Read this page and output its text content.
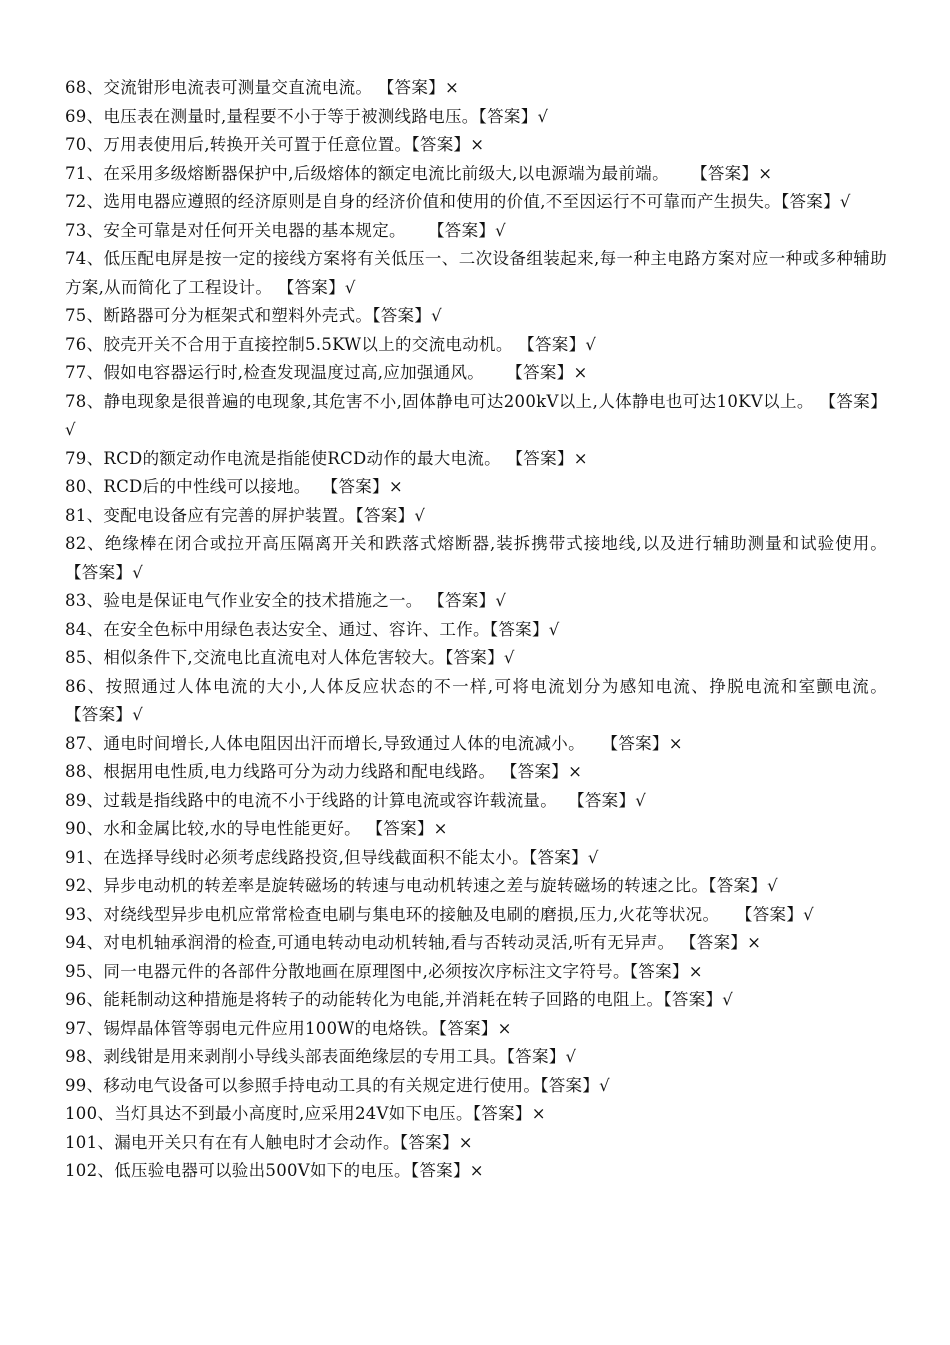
68、交流钳形电流表可测量交直流电流。 【答案】×

69、电压表在测量时,量程要不小于等于被测线路电压。【答案】√

70、万用表使用后,转换开关可置于任意位置。【答案】×

71、在采用多级熔断器保护中,后级熔体的额定电流比前级大,以电源端为最前端。    【答案】×

72、选用电器应遵照的经济原则是自身的经济价值和使用的价值,不至因运行不可靠而产生损失。【答案】√

73、安全可靠是对任何开关电器的基本规定。    【答案】√

74、低压配电屏是按一定的接线方案将有关低压一、二次设备组装起来,每一种主电路方案对应一种或多种辅助方案,从而简化了工程设计。 【答案】√

75、断路器可分为框架式和塑料外壳式。【答案】√

76、胶壳开关不合用于直接控制5.5KW以上的交流电动机。 【答案】√

77、假如电容器运行时,检查发现温度过高,应加强通风。    【答案】×

78、静电现象是很普遍的电现象,其危害不小,固体静电可达200kV以上,人体静电也可达10KV以上。 【答案】√

79、RCD的额定动作电流是指能使RCD动作的最大电流。 【答案】×

80、RCD后的中性线可以接地。  【答案】×

81、变配电设备应有完善的屏护装置。【答案】√

82、绝缘棒在闭合或拉开高压隔离开关和跌落式熔断器,装拆携带式接地线,以及进行辅助测量和试验使用。 【答案】√

83、验电是保证电气作业安全的技术措施之一。 【答案】√

84、在安全色标中用绿色表达安全、通过、容许、工作。【答案】√

85、相似条件下,交流电比直流电对人体危害较大。【答案】√

86、按照通过人体电流的大小,人体反应状态的不一样,可将电流划分为感知电流、挣脱电流和室颤电流。   【答案】√

87、通电时间增长,人体电阻因出汗而增长,导致通过人体的电流减小。   【答案】×

88、根据用电性质,电力线路可分为动力线路和配电线路。 【答案】×

89、过载是指线路中的电流不小于线路的计算电流或容许载流量。  【答案】√

90、水和金属比较,水的导电性能更好。 【答案】×

91、在选择导线时必须考虑线路投资,但导线截面积不能太小。【答案】√

92、异步电动机的转差率是旋转磁场的转速与电动机转速之差与旋转磁场的转速之比。【答案】√

93、对绕线型异步电机应常常检查电刷与集电环的接触及电刷的磨损,压力,火花等状况。   【答案】√

94、对电机轴承润滑的检查,可通电转动电动机转轴,看与否转动灵活,听有无异声。 【答案】×

95、同一电器元件的各部件分散地画在原理图中,必须按次序标注文字符号。【答案】×

96、能耗制动这种措施是将转子的动能转化为电能,并消耗在转子回路的电阻上。【答案】√

97、锡焊晶体管等弱电元件应用100W的电烙铁。【答案】×

98、剥线钳是用来剥削小导线头部表面绝缘层的专用工具。【答案】√

99、移动电气设备可以参照手持电动工具的有关规定进行使用。【答案】√

100、当灯具达不到最小高度时,应采用24V如下电压。【答案】×

101、漏电开关只有在有人触电时才会动作。【答案】×

102、低压验电器可以验出500V如下的电压。【答案】×
